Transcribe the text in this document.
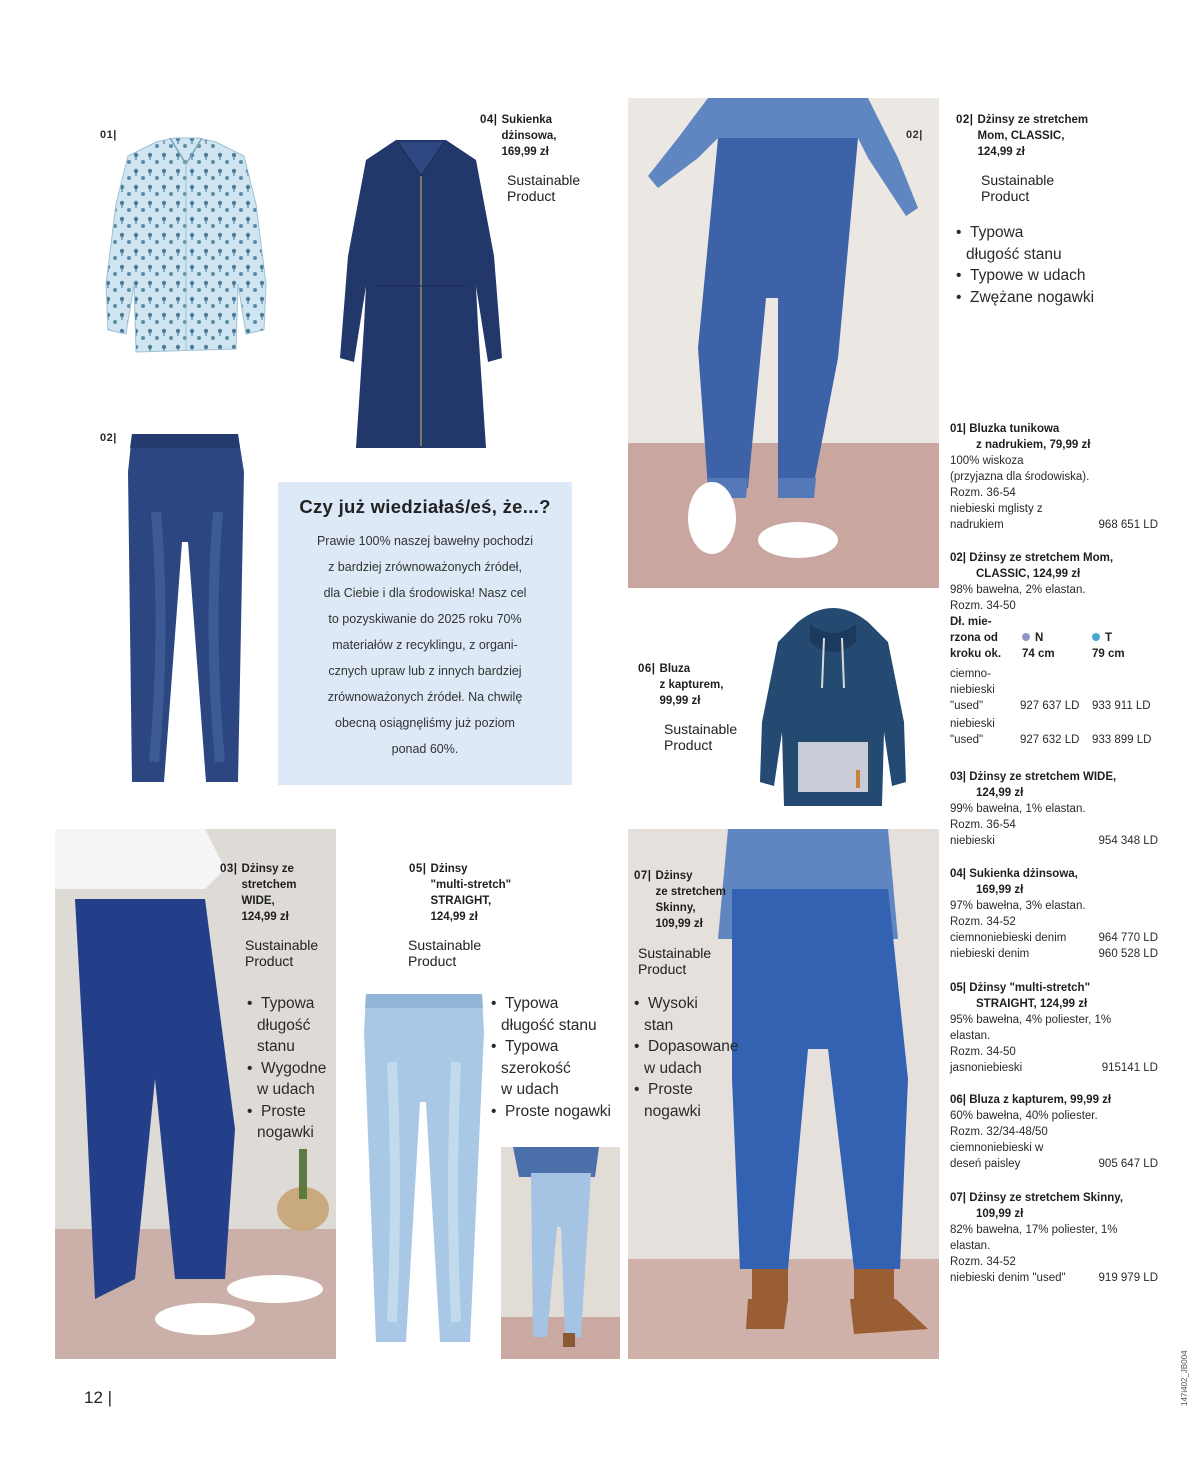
01|
04| Sukienka
dżinsowa,
169,99 zł
Sustainable
Product
02|
Czy już wiedziałaś/eś, że...?

Prawie 100% naszej bawełny pochodzi

z bardziej zrównoważonych źródeł,

dla Ciebie i dla środowiska! Nasz cel

to pozyskiwanie do 2025 roku 70%

materiałów z recyklingu, z organi-

cznych upraw lub z innych bardziej

zrównoważonych źródeł. Na chwilę

obecną osiągnęliśmy już poziom

ponad 60%.

02|
02| Dżinsy ze stretchem
Mom, CLASSIC,
124,99 zł
Sustainable
Product
• Typowa
długość stanu
• Typowe w udach
• Zwężane nogawki
06| Bluza
z kapturem,
99,99 zł
Sustainable
Product
03| Dżinsy ze
stretchem
WIDE,
124,99 zł
Sustainable
Product
• Typowa
długość
stanu
• Wygodne
w udach
• Proste
nogawki
05| Dżinsy
"multi-stretch"
STRAIGHT,
124,99 zł
Sustainable
Product
• Typowa
długość stanu
• Typowa
szerokość
w udach
• Proste nogawki
07| Dżinsy
ze stretchem
Skinny,
109,99 zł
Sustainable
Product
• Wysoki
stan
• Dopasowane
w udach
• Proste
nogawki
01| Bluzka tunikowa
z nadrukiem, 79,99 zł
100% wiskoza
(przyjazna dla środowiska).
Rozm. 36-54
niebieski mglisty z
nadrukiem	968 651 LD
02| Dżinsy ze stretchem Mom,
CLASSIC, 124,99 zł
98% bawełna, 2% elastan.
Rozm. 34-50
Dł. mie-
rzona od
kroku ok.
N	T
74 cm	79 cm
ciemno-
niebieski
"used"	927 637 LD 933 911 LD
niebieski
"used"	927 632 LD 933 899 LD
03| Dżinsy ze stretchem WIDE,
124,99 zł
99% bawełna, 1% elastan.
Rozm. 36-54
niebieski	954 348 LD
04| Sukienka dżinsowa,
169,99 zł
97% bawełna, 3% elastan.
Rozm. 34-52
ciemnoniebieski denim	964 770 LD
niebieski denim	960 528 LD
05| Dżinsy "multi-stretch"
STRAIGHT, 124,99 zł
95% bawełna, 4% poliester, 1%
elastan.
Rozm. 34-50
jasnoniebieski	915141 LD
06| Bluza z kapturem, 99,99 zł
60% bawełna, 40% poliester.
Rozm. 32/34-48/50
ciemnoniebieski w
deseń paisley	905 647 LD
07| Dżinsy ze stretchem Skinny,
109,99 zł
82% bawełna, 17% poliester, 1%
elastan.
Rozm. 34-52
niebieski denim "used"	919 979 LD
12 |	147i402_JB004
